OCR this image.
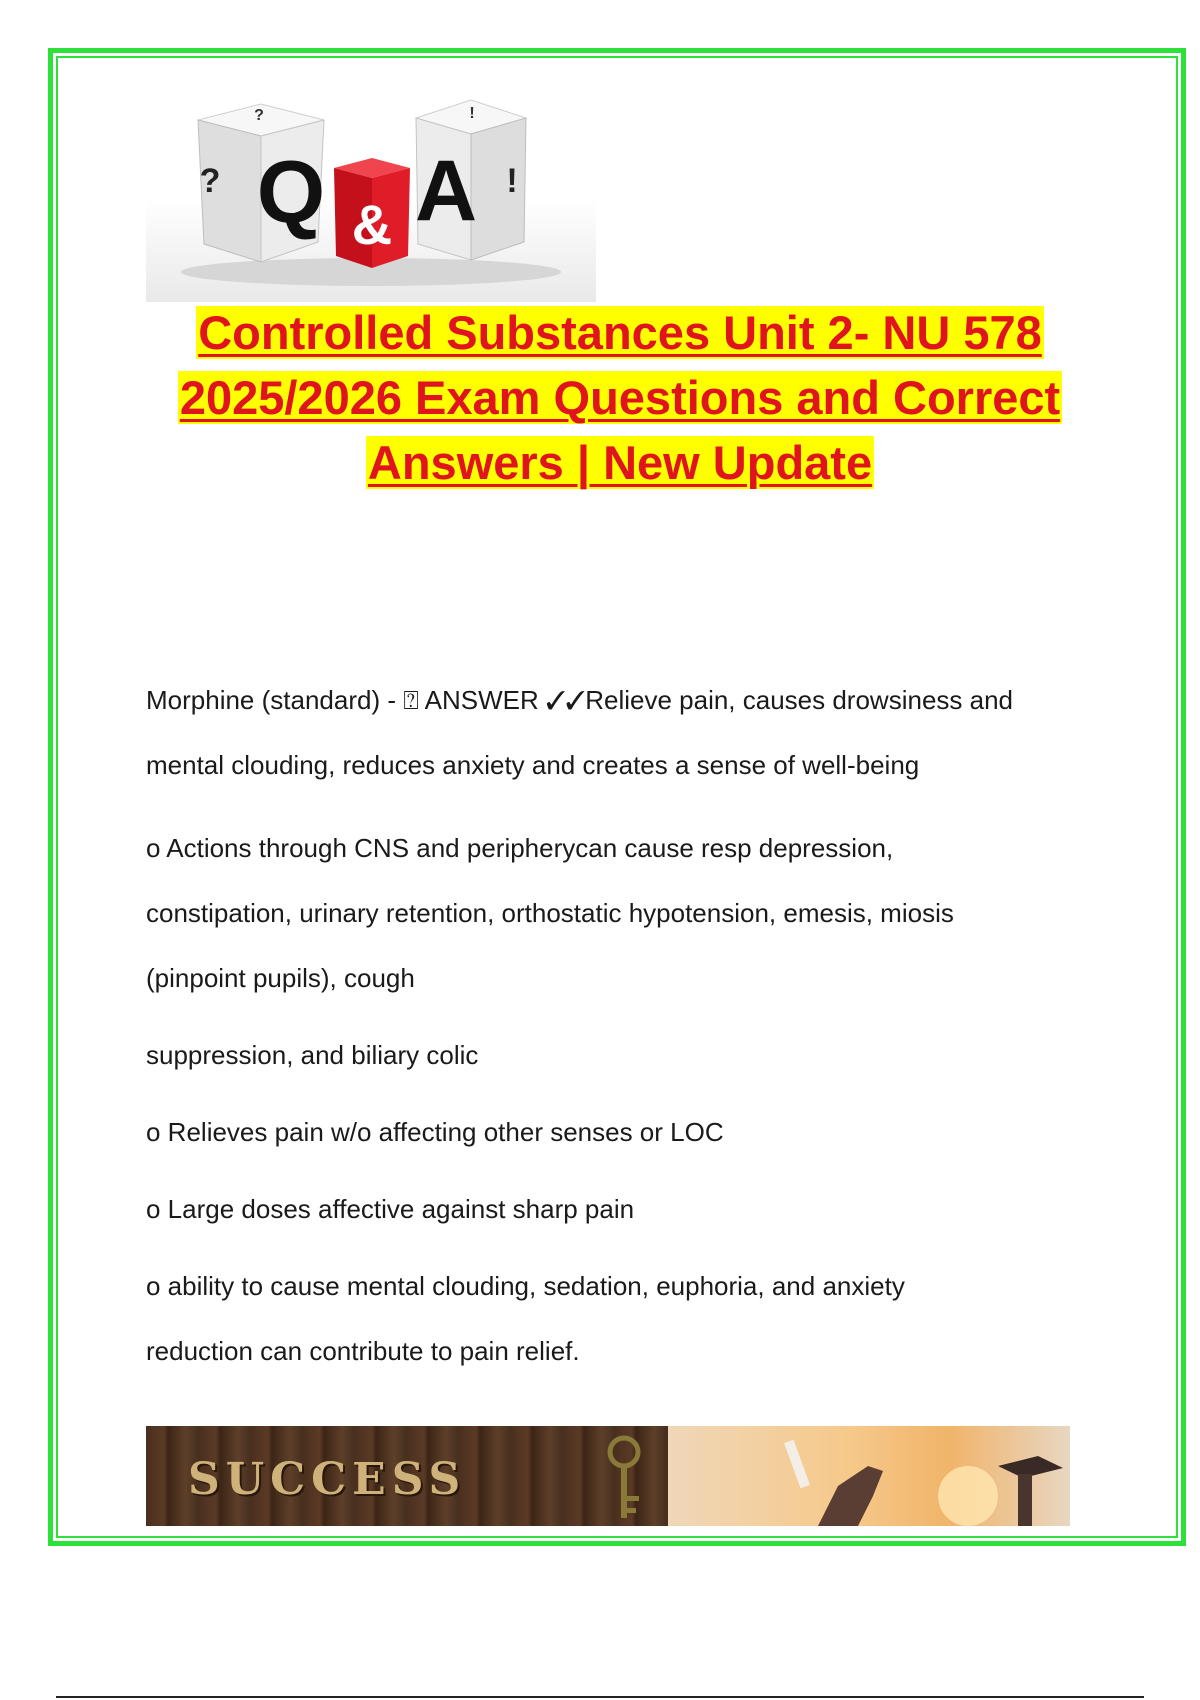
?
? Q
!
!
A
&
Controlled Substances Unit 2- NU 578
2025/2026 Exam Questions and Correct
Answers | New Update

Morphine (standard) - ⍰ ANSWER ✓✓Relieve pain, causes drowsiness and

mental clouding, reduces anxiety and creates a sense of well-being

o Actions through CNS and peripherycan cause resp depression,

constipation, urinary retention, orthostatic hypotension, emesis, miosis

(pinpoint pupils), cough

suppression, and biliary colic

o Relieves pain w/o affecting other senses or LOC

o Large doses affective against sharp pain

o ability to cause mental clouding, sedation, euphoria, and anxiety

reduction can contribute to pain relief.

SUCCESS
